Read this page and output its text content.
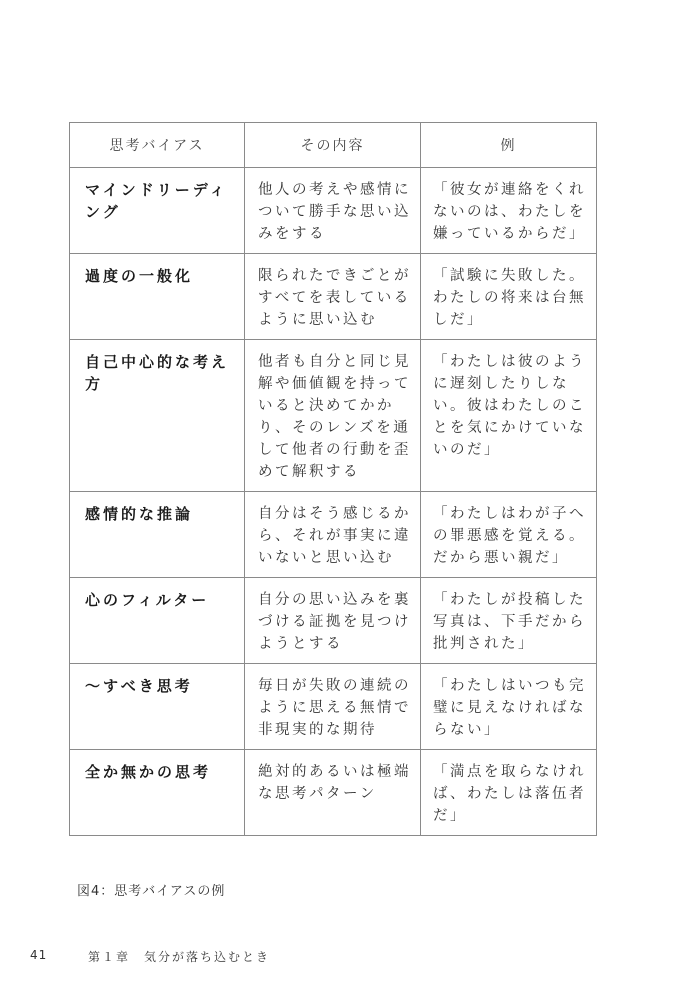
思考バイアス	その内容	例
マインドリーディング	他人の考えや感情について勝手な思い込みをする	「彼女が連絡をくれないのは、わたしを嫌っているからだ」
過度の一般化	限られたできごとがすべてを表しているように思い込む	「試験に失敗した。わたしの将来は台無しだ」
自己中心的な考え方	他者も自分と同じ見解や価値観を持っていると決めてかかり、そのレンズを通して他者の行動を歪めて解釈する	「わたしは彼のように遅刻したりしない。彼はわたしのことを気にかけていないのだ」
感情的な推論	自分はそう感じるから、それが事実に違いないと思い込む	「わたしはわが子への罪悪感を覚える。だから悪い親だ」
心のフィルター	自分の思い込みを裏づける証拠を見つけようとする	「わたしが投稿した写真は、下手だから批判された」
〜すべき思考	毎日が失敗の連続のように思える無情で非現実的な期待	「わたしはいつも完璧に見えなければならない」
全か無かの思考	絶対的あるいは極端な思考パターン	「満点を取らなければ、わたしは落伍者だ」
図4：思考バイアスの例
41	第１章　気分が落ち込むとき
